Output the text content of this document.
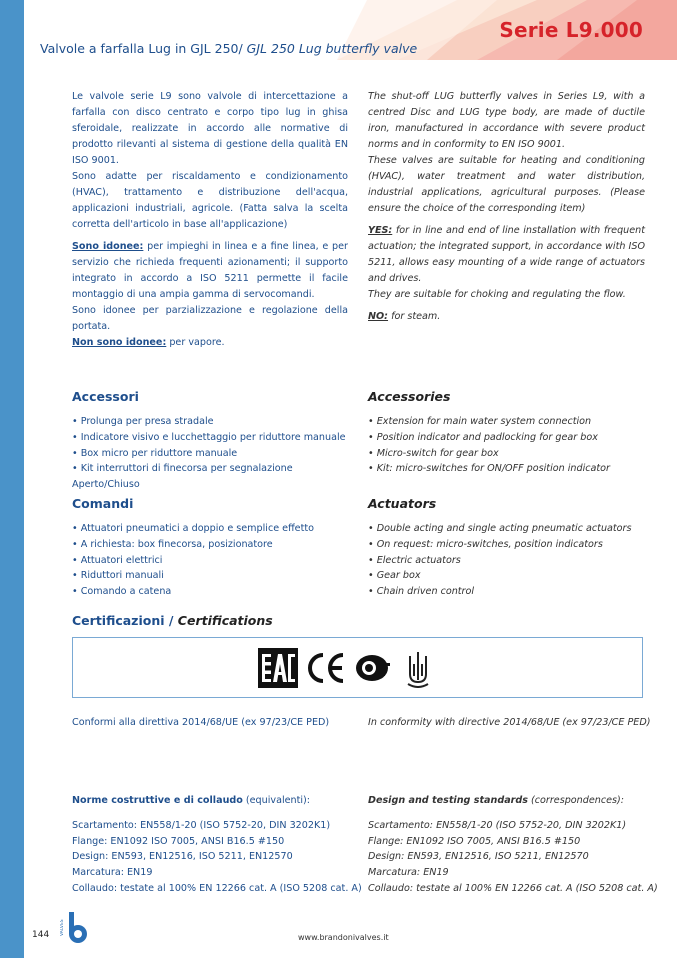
Serie L9.000
Valvole a farfalla Lug in GJL 250/ GJL 250 Lug butterfly valve

Le valvole serie L9 sono valvole di intercettazione a farfalla con disco centrato e corpo tipo lug in ghisa sferoidale, realizzate in accordo alle normative di prodotto rilevanti al sistema di gestione della qualità EN ISO 9001.

Sono adatte per riscaldamento e condizionamento (HVAC), trattamento e distribuzione dell'acqua, applicazioni industriali, agricole. (Fatta salva la scelta corretta dell'articolo in base all'applicazione)

Sono idonee: per impieghi in linea e a fine linea, e per servizio che richieda frequenti azionamenti; il supporto integrato in accordo a ISO 5211 permette il facile montaggio di una ampia gamma di servocomandi.

Sono idonee per parzializzazione e regolazione della portata.

Non sono idonee: per vapore.

The shut-off LUG butterfly valves in Series L9, with a centred Disc and LUG type body, are made of ductile iron, manufactured in accordance with severe product norms and in conformity to EN ISO 9001.

These valves are suitable for heating and conditioning (HVAC), water treatment and water distribution, industrial applications, agricultural purposes. (Please ensure the choice of the corresponding item)

YES: for in line and end of line installation with frequent actuation; the integrated support, in accordance with ISO 5211, allows easy mounting of a wide range of actuators and drives.

They are suitable for choking and regulating the flow.

NO: for steam.

Accessori	Accessories
• Prolunga per presa stradale
• Indicatore visivo e lucchettaggio per riduttore manuale
• Box micro per riduttore manuale
• Kit interruttori di finecorsa per segnalazione
Aperto/Chiuso
• Extension for main water system connection
• Position indicator and padlocking for gear box
• Micro-switch for gear box
• Kit: micro-switches for ON/OFF position indicator
Comandi	Actuators
• Attuatori pneumatici a doppio e semplice effetto
• A richiesta: box finecorsa, posizionatore
• Attuatori elettrici
• Riduttori manuali
• Comando a catena
• Double acting and single acting pneumatic actuators
• On request: micro-switches, position indicators
• Electric actuators
• Gear box
• Chain driven control
Certificazioni / Certifications
Conformi alla direttiva 2014/68/UE (ex 97/23/CE PED)	In conformity with directive 2014/68/UE (ex 97/23/CE PED)
Norme costruttive e di collaudo (equivalenti):
Scartamento: EN558/1-20 (ISO 5752-20, DIN 3202K1)
Flange: EN1092 ISO 7005, ANSI B16.5 #150
Design: EN593, EN12516, ISO 5211, EN12570
Marcatura: EN19
Collaudo: testate al 100% EN 12266 cat. A (ISO 5208 cat. A)
Design and testing standards (correspondences):
Scartamento: EN558/1-20 (ISO 5752-20, DIN 3202K1)
Flange: EN1092 ISO 7005, ANSI B16.5 #150
Design: EN593, EN12516, ISO 5211, EN12570
Marcatura: EN19
Collaudo: testate al 100% EN 12266 cat. A (ISO 5208 cat. A)
144 VALVES
www.brandonivalves.it
